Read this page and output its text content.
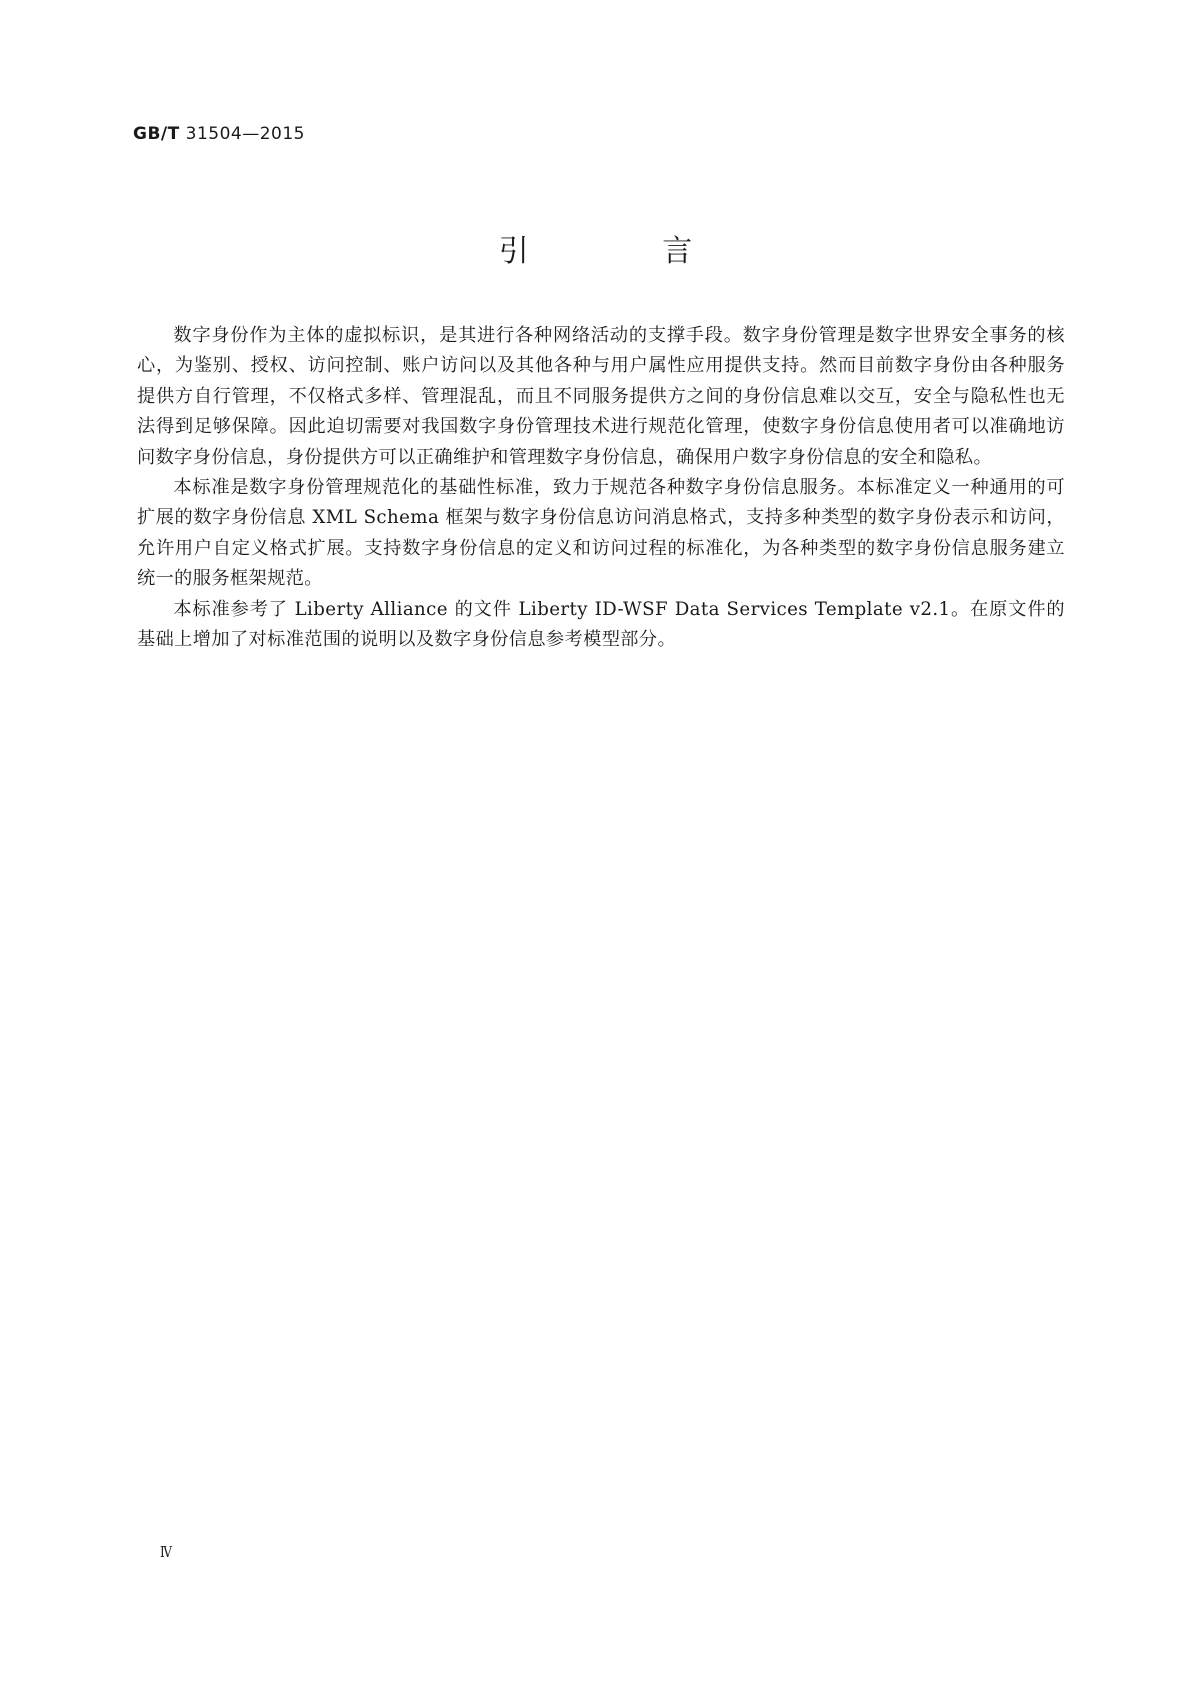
GB/T 31504—2015
引 言

数字身份作为主体的虚拟标识，是其进行各种网络活动的支撑手段。数字身份管理是数字世界安全事务的核心，为鉴别、授权、访问控制、账户访问以及其他各种与用户属性应用提供支持。然而目前数字身份由各种服务提供方自行管理，不仅格式多样、管理混乱，而且不同服务提供方之间的身份信息难以交互，安全与隐私性也无法得到足够保障。因此迫切需要对我国数字身份管理技术进行规范化管理，使数字身份信息使用者可以准确地访问数字身份信息，身份提供方可以正确维护和管理数字身份信息，确保用户数字身份信息的安全和隐私。

本标准是数字身份管理规范化的基础性标准，致力于规范各种数字身份信息服务。本标准定义一种通用的可扩展的数字身份信息 XML Schema 框架与数字身份信息访问消息格式，支持多种类型的数字身份表示和访问，允许用户自定义格式扩展。支持数字身份信息的定义和访问过程的标准化，为各种类型的数字身份信息服务建立统一的服务框架规范。

本标准参考了 Liberty Alliance 的文件 Liberty ID-WSF Data Services Template v2.1。在原文件的基础上增加了对标准范围的说明以及数字身份信息参考模型部分。

Ⅳ
